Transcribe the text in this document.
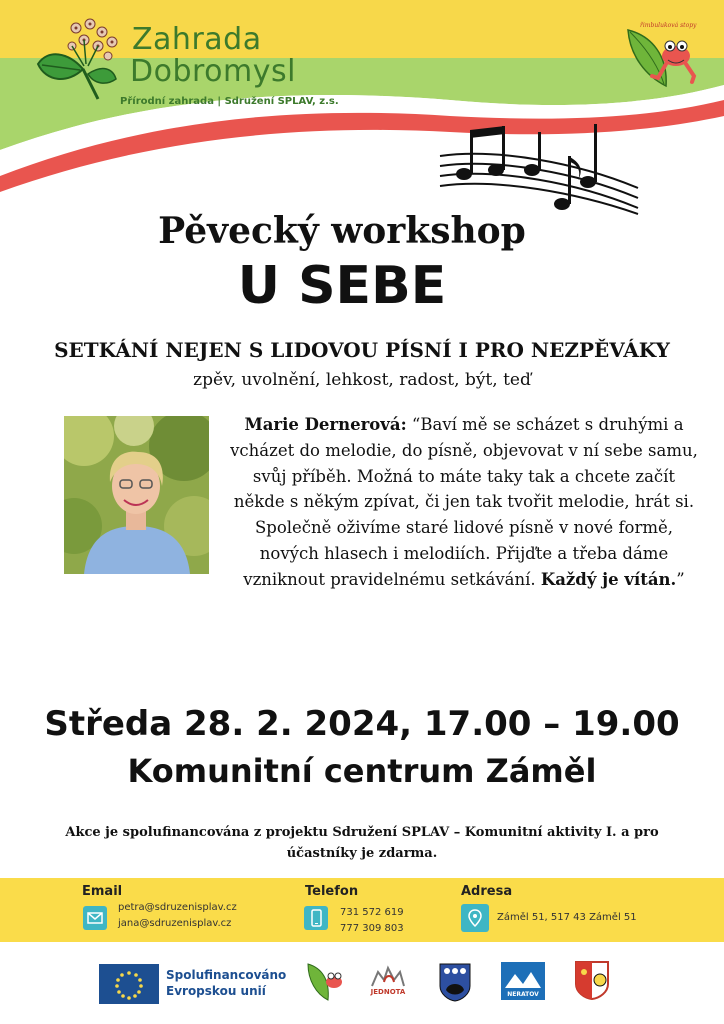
Zahrada
Dobromysl
Přírodní zahrada | Sdružení SPLAV, z.s.
řimbuluková stopy
Pěvecký workshop
U SEBE
SETKÁNÍ NEJEN S LIDOVOU PÍSNÍ I PRO NEZPĚVÁKY
zpěv, uvolnění, lehkost, radost, být, teď
Marie Dernerová: “Baví mě se scházet s druhými a vcházet do melodie, do písně, objevovat v ní sebe samu, svůj příběh. Možná to máte taky tak a chcete začít někde s někým zpívat, či jen tak tvořit melodie, hrát si. Společně oživíme staré lidové písně v nové formě, nových hlasech i melodiích. Přijďte a třeba dáme vzniknout pravidelnému setkávání. Každý je vítán.”
Středa 28. 2. 2024, 17.00 – 19.00
Komunitní centrum Záměl
Akce je spolufinancována z projektu Sdružení SPLAV – Komunitní aktivity I. a pro účastníky je zdarma.
Email
petra@sdruzenisplav.cz
jana@sdruzenisplav.cz
Telefon
731 572 619
777 309 803
Adresa
Záměl 51, 517 43 Záměl 51
Spolufinancováno
Evropskou unií	JEDNOTA	NERATOV
